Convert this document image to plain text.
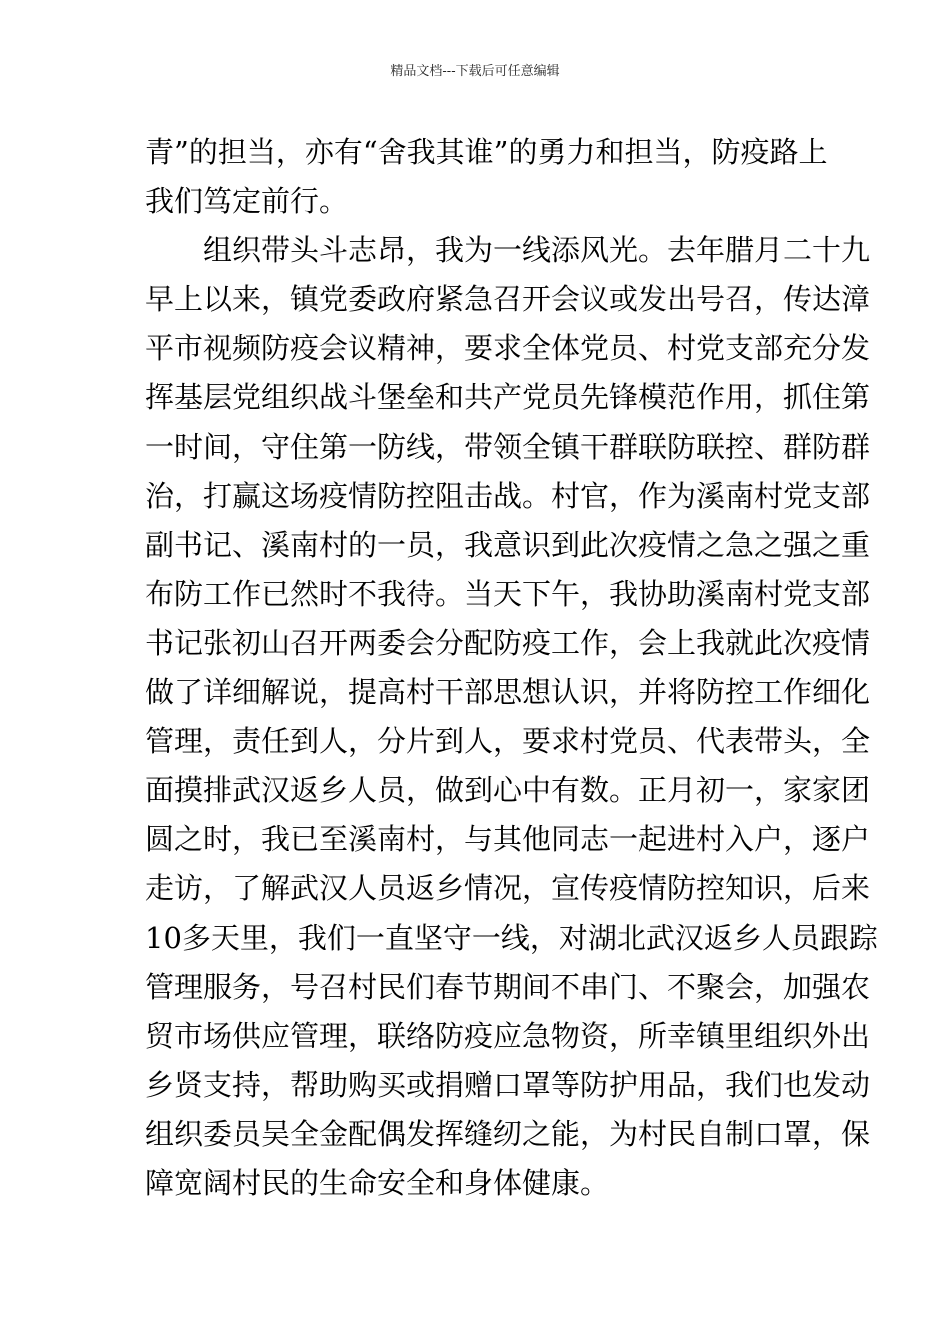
精品文档---下载后可任意编辑
青”的担当，亦有“舍我其谁”的勇力和担当，防疫路上
我们笃定前行。
组织带头斗志昂，我为一线添风光。去年腊月二十九
早上以来，镇党委政府紧急召开会议或发出号召，传达漳
平市视频防疫会议精神，要求全体党员、村党支部充分发
挥基层党组织战斗堡垒和共产党员先锋模范作用，抓住第
一时间，守住第一防线，带领全镇干群联防联控、群防群
治，打赢这场疫情防控阻击战。村官，作为溪南村党支部
副书记、溪南村的一员，我意识到此次疫情之急之强之重
布防工作已然时不我待。当天下午，我协助溪南村党支部
书记张初山召开两委会分配防疫工作，会上我就此次疫情
做了详细解说，提高村干部思想认识，并将防控工作细化
管理，责任到人，分片到人，要求村党员、代表带头，全
面摸排武汉返乡人员，做到心中有数。正月初一，家家团
圆之时，我已至溪南村，与其他同志一起进村入户，逐户
走访，了解武汉人员返乡情况，宣传疫情防控知识，后来
10多天里，我们一直坚守一线，对湖北武汉返乡人员跟踪
管理服务，号召村民们春节期间不串门、不聚会，加强农
贸市场供应管理，联络防疫应急物资，所幸镇里组织外出
乡贤支持，帮助购买或捐赠口罩等防护用品，我们也发动
组织委员吴全金配偶发挥缝纫之能，为村民自制口罩，保
障宽阔村民的生命安全和身体健康。
